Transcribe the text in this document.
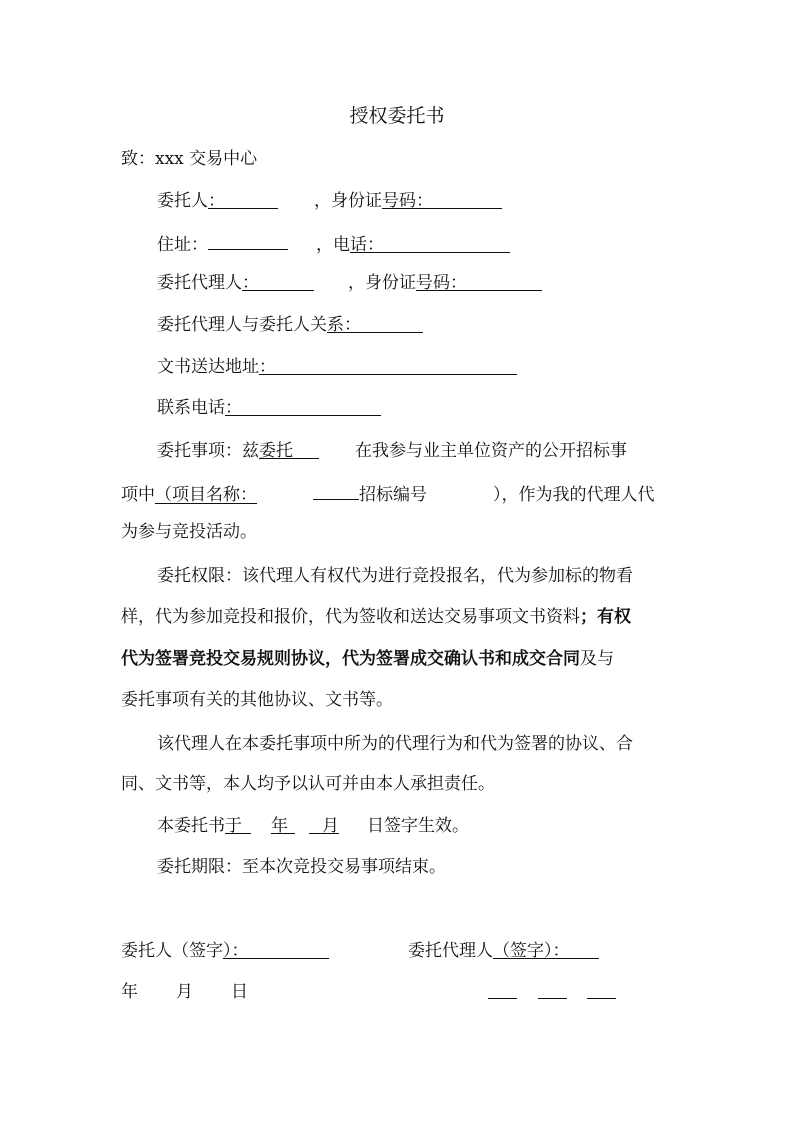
授权委托书
致：xxx 交易中心
委托人：	，身份证号码：
住址：	，电话：
委托代理人：	，身份证号码：
委托代理人与委托人关系：
文书送达地址：
联系电话：
委托事项：兹委托	在我参与业主单位资产的公开招标事
项中（项目名称：	招标编号	），作为我的代理人代
为参与竞投活动。
委托权限：该代理人有权代为进行竞投报名，代为参加标的物看
样，代为参加竞投和报价，代为签收和送达交易事项文书资料；有权
代为签署竞投交易规则协议，代为签署成交确认书和成交合同及与
委托事项有关的其他协议、文书等。
该代理人在本委托事项中所为的代理行为和代为签署的协议、合
同、文书等，本人均予以认可并由本人承担责任。
本委托书于 年 月 日签字生效。
委托期限：至本次竞投交易事项结束。
委托人（签字）：	委托代理人（签字）：
年 月 日
